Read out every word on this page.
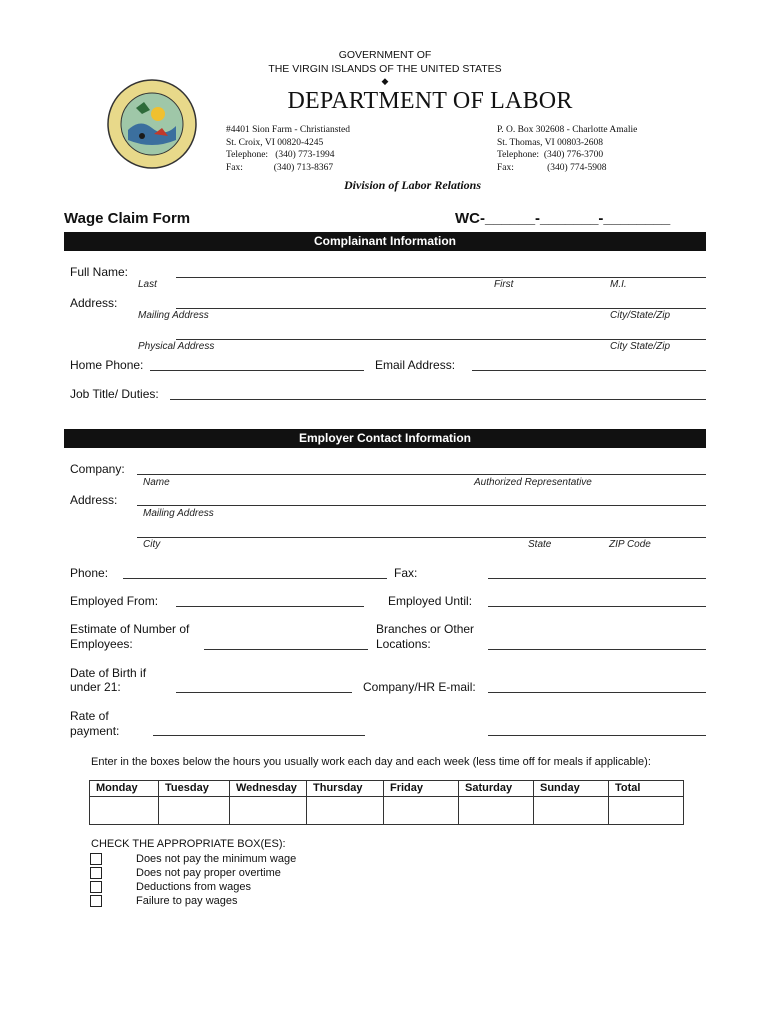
GOVERNMENT OF
THE VIRGIN ISLANDS OF THE UNITED STATES
◆
DEPARTMENT OF LABOR
#4401 Sion Farm - Christiansted
St. Croix, VI 00820-4245
Telephone:   (340) 773-1994
Fax:             (340) 713-8367
P. O. Box 302608 - Charlotte Amalie
St. Thomas, VI 00803-2608
Telephone:  (340) 776-3700
Fax:              (340) 774-5908
Division of Labor Relations
Wage Claim Form	WC-______-_______-________
Complainant Information
Full Name:
Last	First	M.I.
Address:
Mailing Address	City/State/Zip
Physical Address	City State/Zip
Home Phone:	Email Address:
Job Title/ Duties:
Employer Contact Information
Company:
Name	Authorized Representative
Address:
Mailing Address
City	State	ZIP Code
Phone:	Fax:
Employed From:	Employed Until:
Estimate of Number of
Employees:
Branches or Other
Locations:
Date of Birth if
under 21:	Company/HR E-mail:
Rate of
payment:
Enter in the boxes below the hours you usually work each day and each week (less time off for meals if applicable):
Monday	Tuesday	Wednesday	Thursday	Friday	Saturday	Sunday	Total

CHECK THE APPROPRIATE BOX(ES):
Does not pay the minimum wage
Does not pay proper overtime
Deductions from wages
Failure to pay wages
